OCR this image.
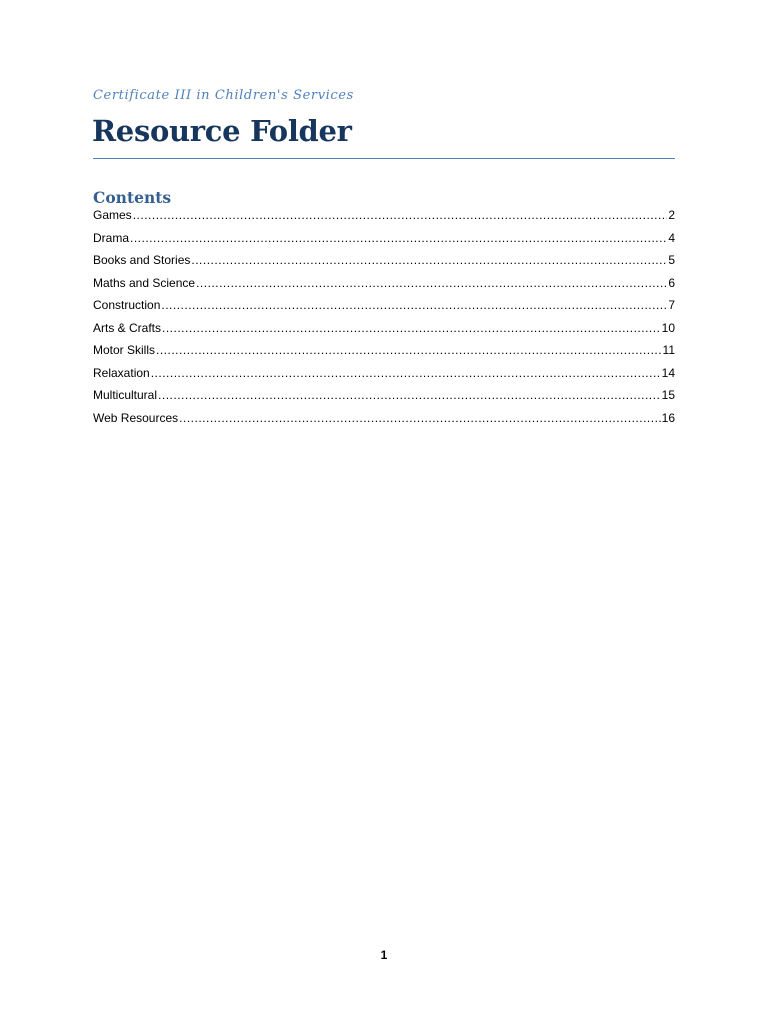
Certificate III in Children's Services
Resource Folder
Contents
Games .....	2
Drama .....	4
Books and Stories .....	5
Maths and Science .....	6
Construction .....	7
Arts & Crafts .....	10
Motor Skills .....	11
Relaxation .....	14
Multicultural .....	15
Web Resources .....	16
1
